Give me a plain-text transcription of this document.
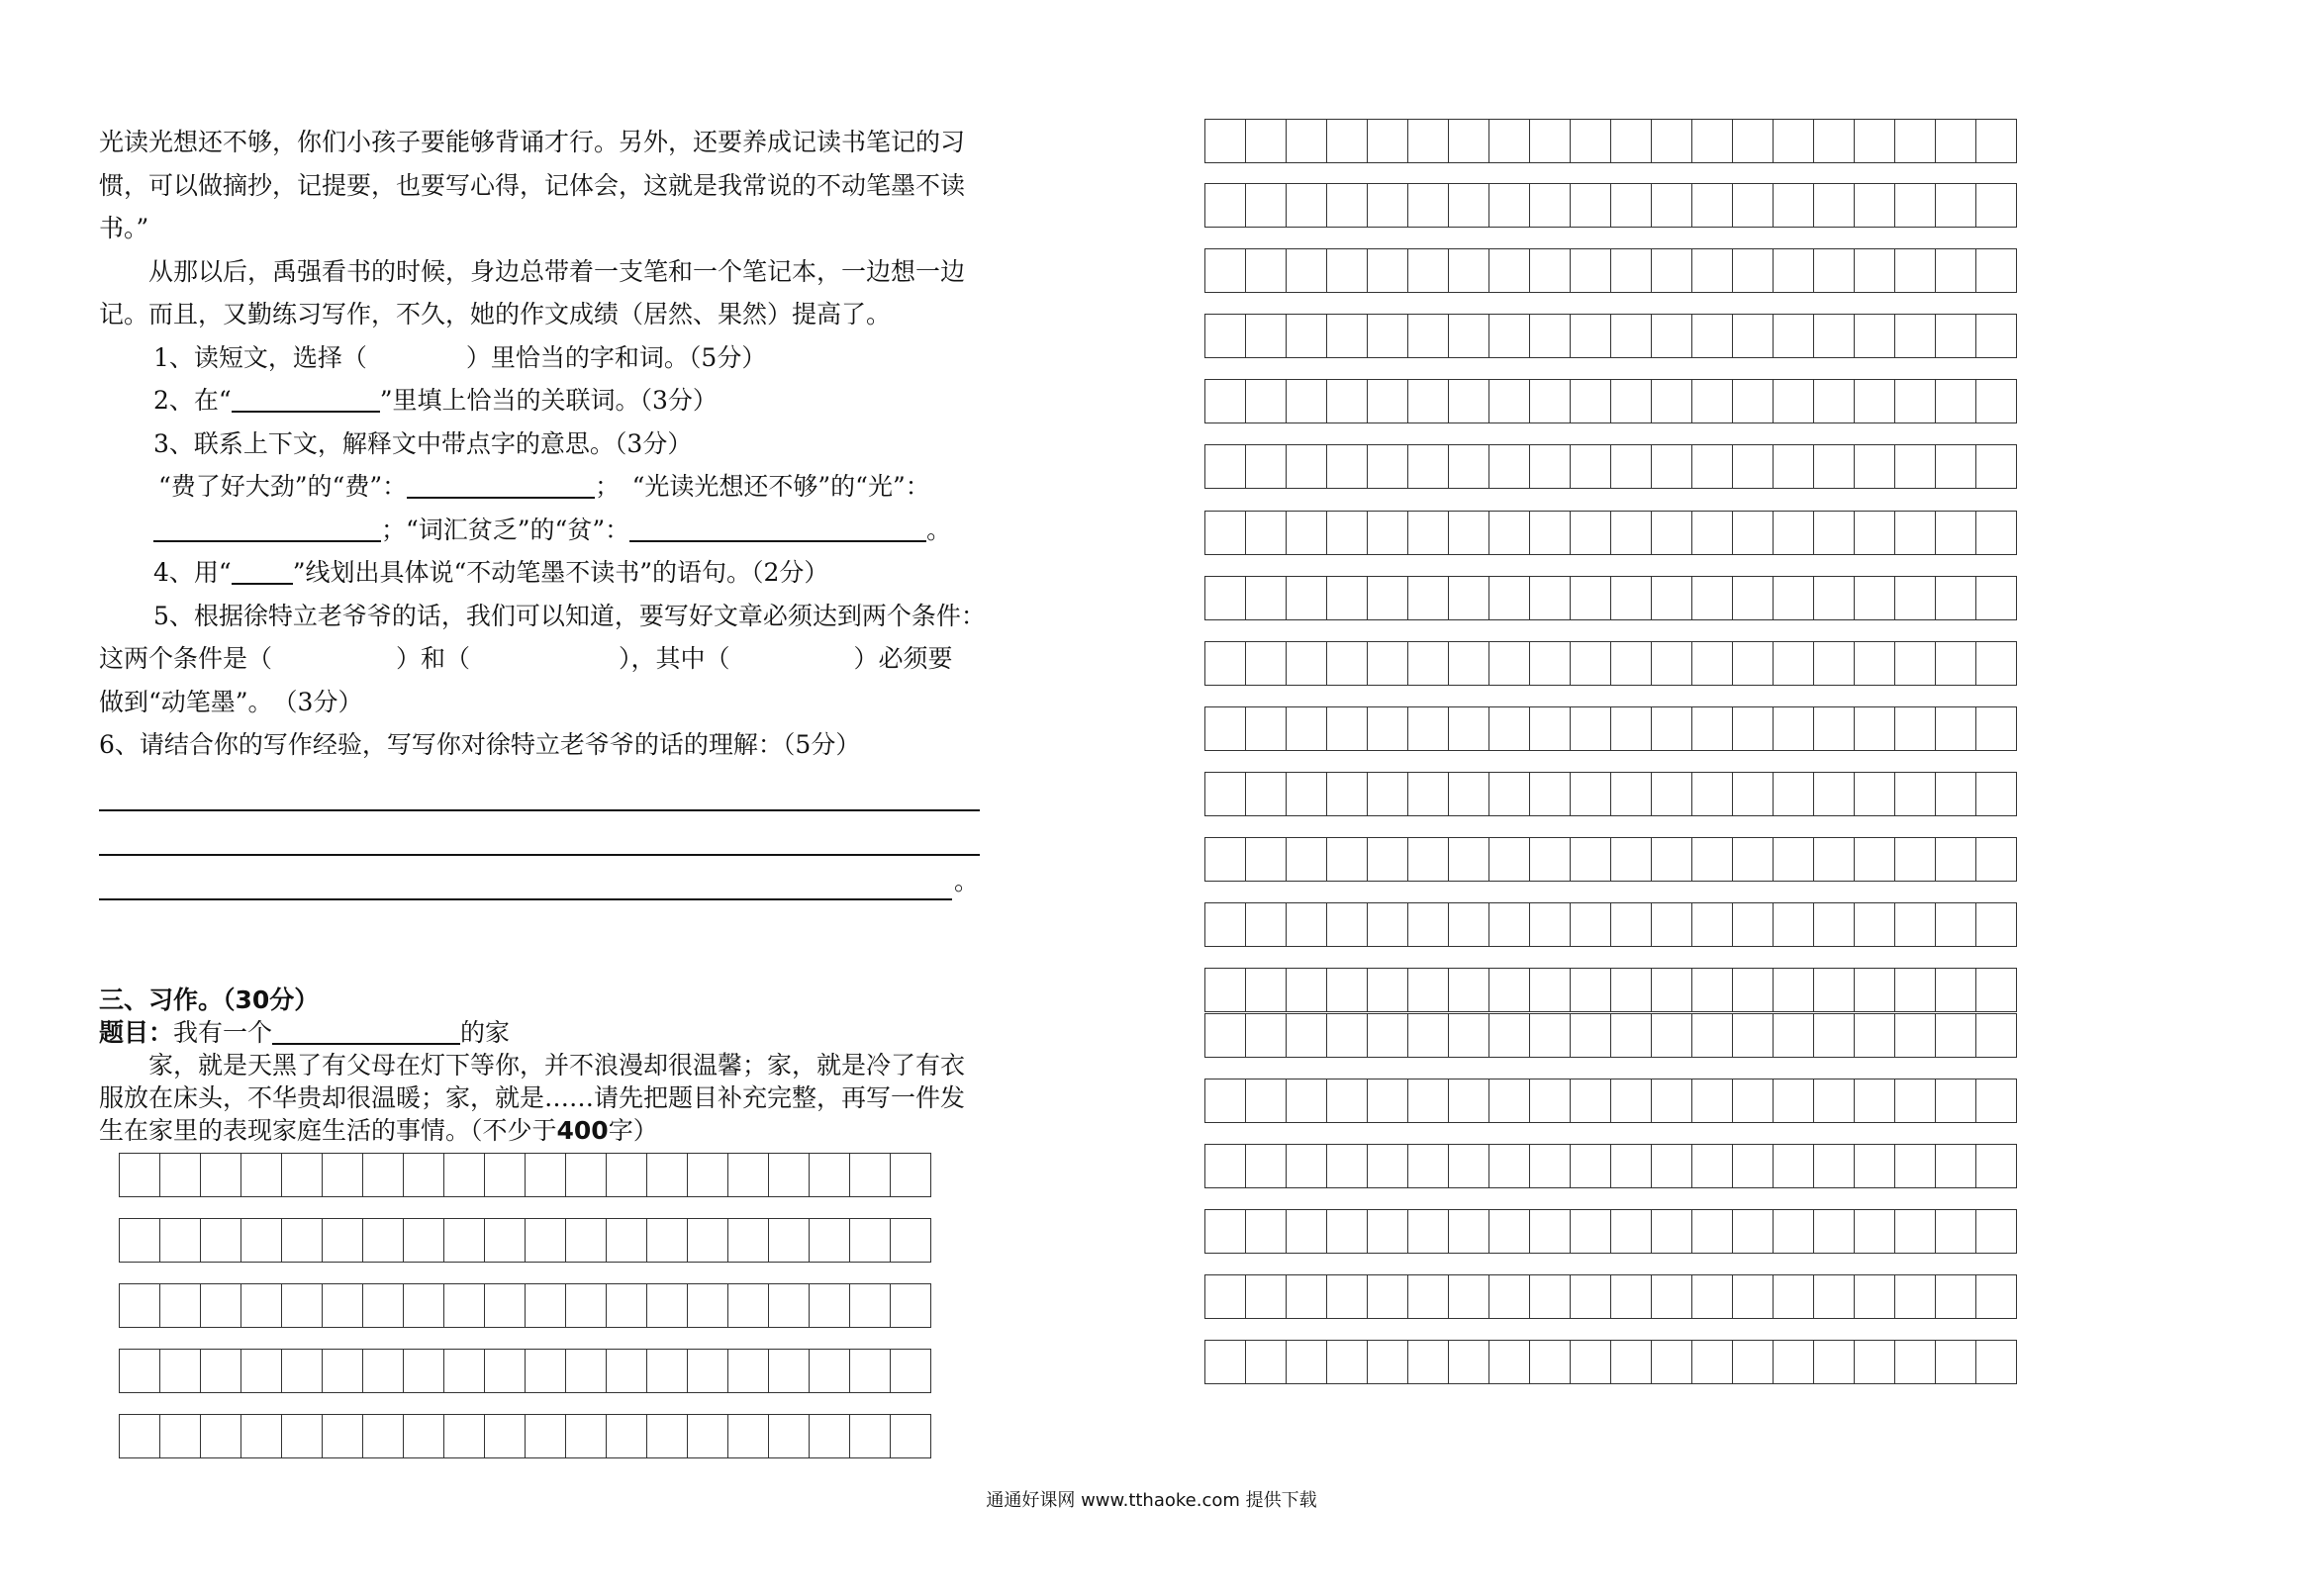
光读光想还不够，你们小孩子要能够背诵才行。另外，还要养成记读书笔记的习惯，可以做摘抄，记提要，也要写心得，记体会，这就是我常说的不动笔墨不读书。”

从那以后，禹强看书的时候，身边总带着一支笔和一个笔记本，一边想一边记。而且，又勤练习写作，不久，她的作文成绩（居然、果然）提高了。

1、读短文，选择（　　　　）里恰当的字和词。（5分）

2、在“	”里填上恰当的关联词。（3分）

3、联系上下文，解释文中带点字的意思。（3分）

“费了好大劲”的“费”：	；　“光读光想还不够”的“光”：

；“词汇贫乏”的“贫”：	。

4、用“ ”线划出具体说“不动笔墨不读书”的语句。（2分）

5、根据徐特立老爷爷的话，我们可以知道，要写好文章必须达到两个条件：

这两个条件是（　　　　　）和（　　　　　　），其中（　　　　　）必须要

做到“动笔墨”。　（3分）

6、请结合你的写作经验，写写你对徐特立老爷爷的话的理解：（5分）

。

三、习作。（30分）

题目：我有一个	的家

家，就是天黑了有父母在灯下等你，并不浪漫却很温馨；家，就是冷了有衣服放在床头，不华贵却很温暖；家，就是……请先把题目补充完整，再写一件发生在家里的表现家庭生活的事情。（不少于400字）

通通好课网 www.tthaoke.com 提供下载
